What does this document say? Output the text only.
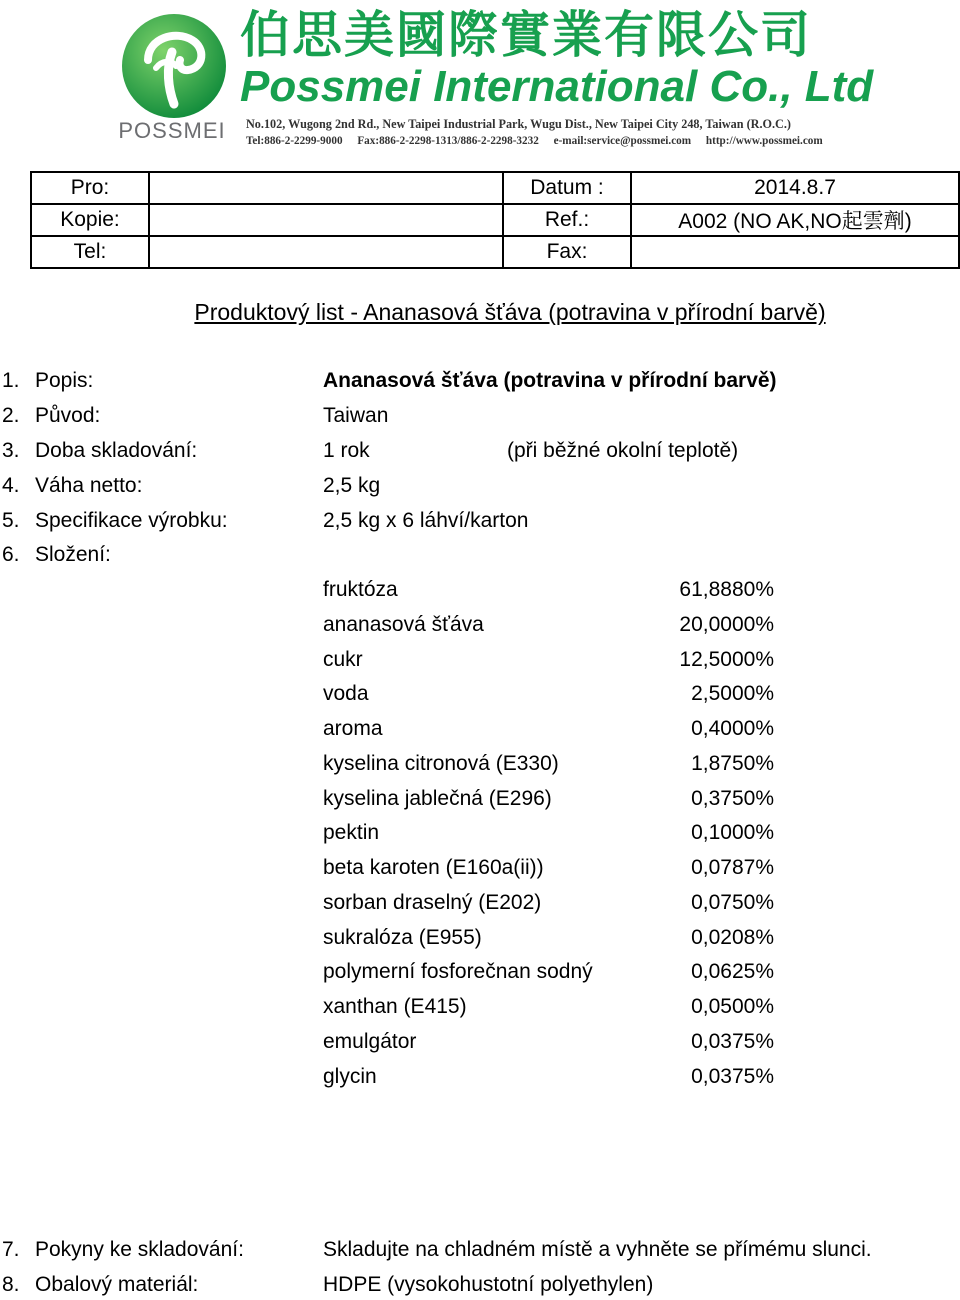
POSSMEI
伯思美國際實業有限公司
Possmei International Co., Ltd
No.102, Wugong 2nd Rd., New Taipei Industrial Park, Wugu Dist., New Taipei City 248, Taiwan (R.O.C.)
Tel:886-2-2299-9000 Fax:886-2-2298-1313/886-2-2298-3232 e-mail:service@possmei.com http://www.possmei.com
Pro:		Datum :	2014.8.7
Kopie:		Ref.:	A002 (NO AK,NO起雲劑)
Tel:		Fax:	
Produktový list - Ananasová šťáva (potravina v přírodní barvě)
1. Popis:	Ananasová šťáva (potravina v přírodní barvě)
2. Původ:	Taiwan
3. Doba skladování:	1 rok	(při běžné okolní teplotě)
4. Váha netto:	2,5 kg
5. Specifikace výrobku:	2,5 kg x 6 láhví/karton
6. Složení:
fruktóza	61,8880%
ananasová šťáva	20,0000%
cukr	12,5000%
voda	2,5000%
aroma	0,4000%
kyselina citronová (E330)	1,8750%
kyselina jablečná (E296)	0,3750%
pektin	0,1000%
beta karoten (E160a(ii))	0,0787%
sorban draselný (E202)	0,0750%
sukralóza (E955)	0,0208%
polymerní fosforečnan sodný	0,0625%
xanthan (E415)	0,0500%
emulgátor	0,0375%
glycin	0,0375%
7. Pokyny ke skladování:	Skladujte na chladném místě a vyhněte se přímému slunci.
8. Obalový materiál:	HDPE (vysokohustotní polyethylen)
